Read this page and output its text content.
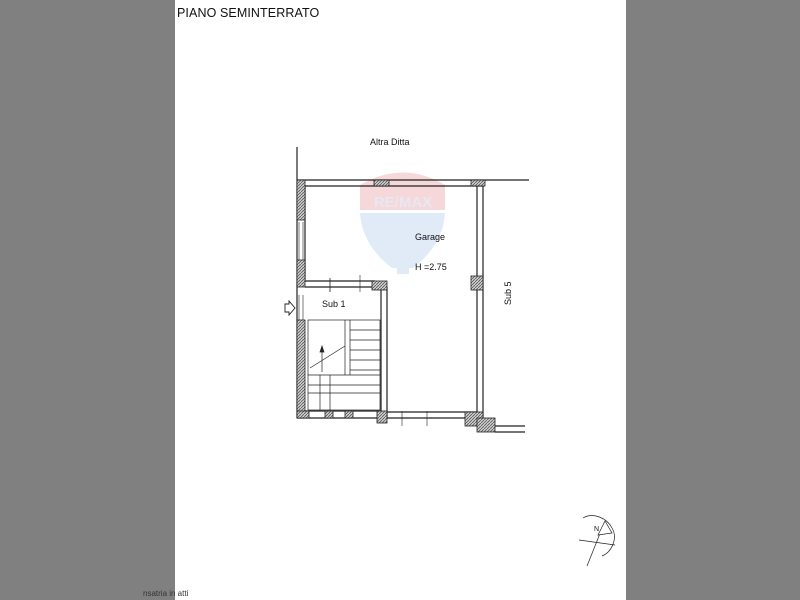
PIANO SEMINTERRATO
RE/MAX
Altra Ditta
Garage
H =2.75
Sub 1	Sub 5
N
nsatria in atti
